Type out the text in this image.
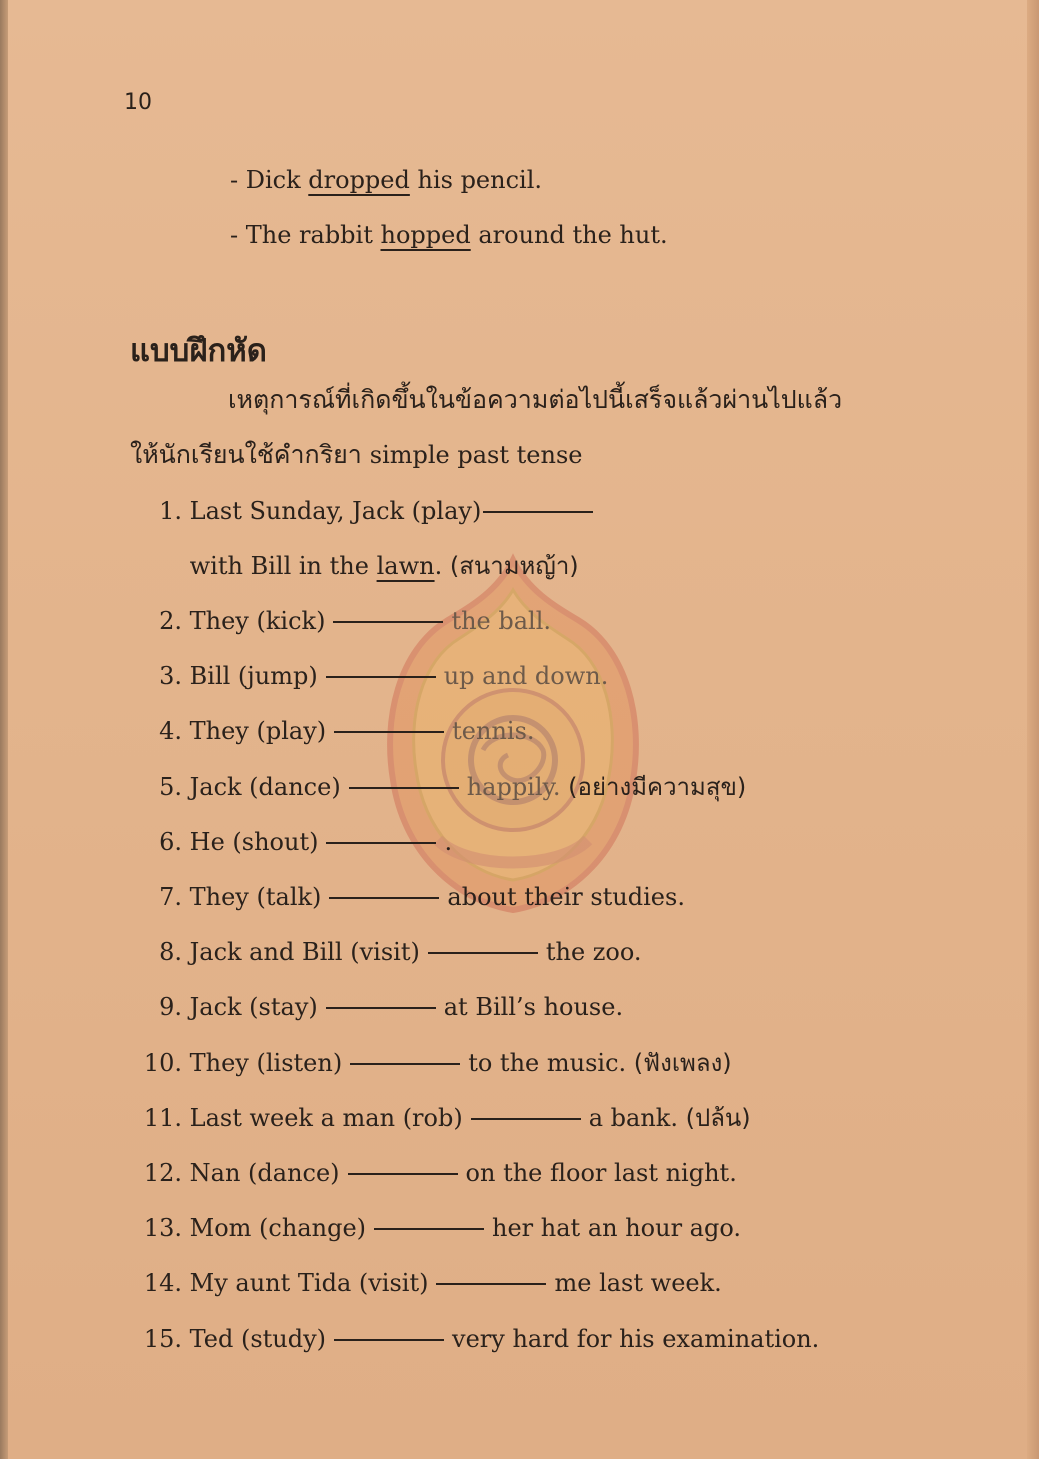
10
- Dick dropped his pencil.
- The rabbit hopped around the hut.
แบบฝึกหัด
เหตุการณ์ที่เกิดขึ้นในข้อความต่อไปนี้เสร็จแล้วผ่านไปแล้ว
ให้นักเรียนใช้คำกริยา simple past tense
1. Last Sunday, Jack (play)
with Bill in the lawn. (สนามหญ้า)
2. They (kick)	the ball.
3. Bill (jump)	up and down.
4. They (play)	tennis.
5. Jack (dance)	happily. (อย่างมีความสุข)
6. He (shout)	.
7. They (talk)	about their studies.
8. Jack and Bill (visit)	the zoo.
9. Jack (stay)	at Bill’s house.
10. They (listen)	to the music. (ฟังเพลง)
11. Last week a man (rob)	a bank. (ปล้น)
12. Nan (dance)	on the floor last night.
13. Mom (change)	her hat an hour ago.
14. My aunt Tida (visit)	me last week.
15. Ted (study)	very hard for his examination.
